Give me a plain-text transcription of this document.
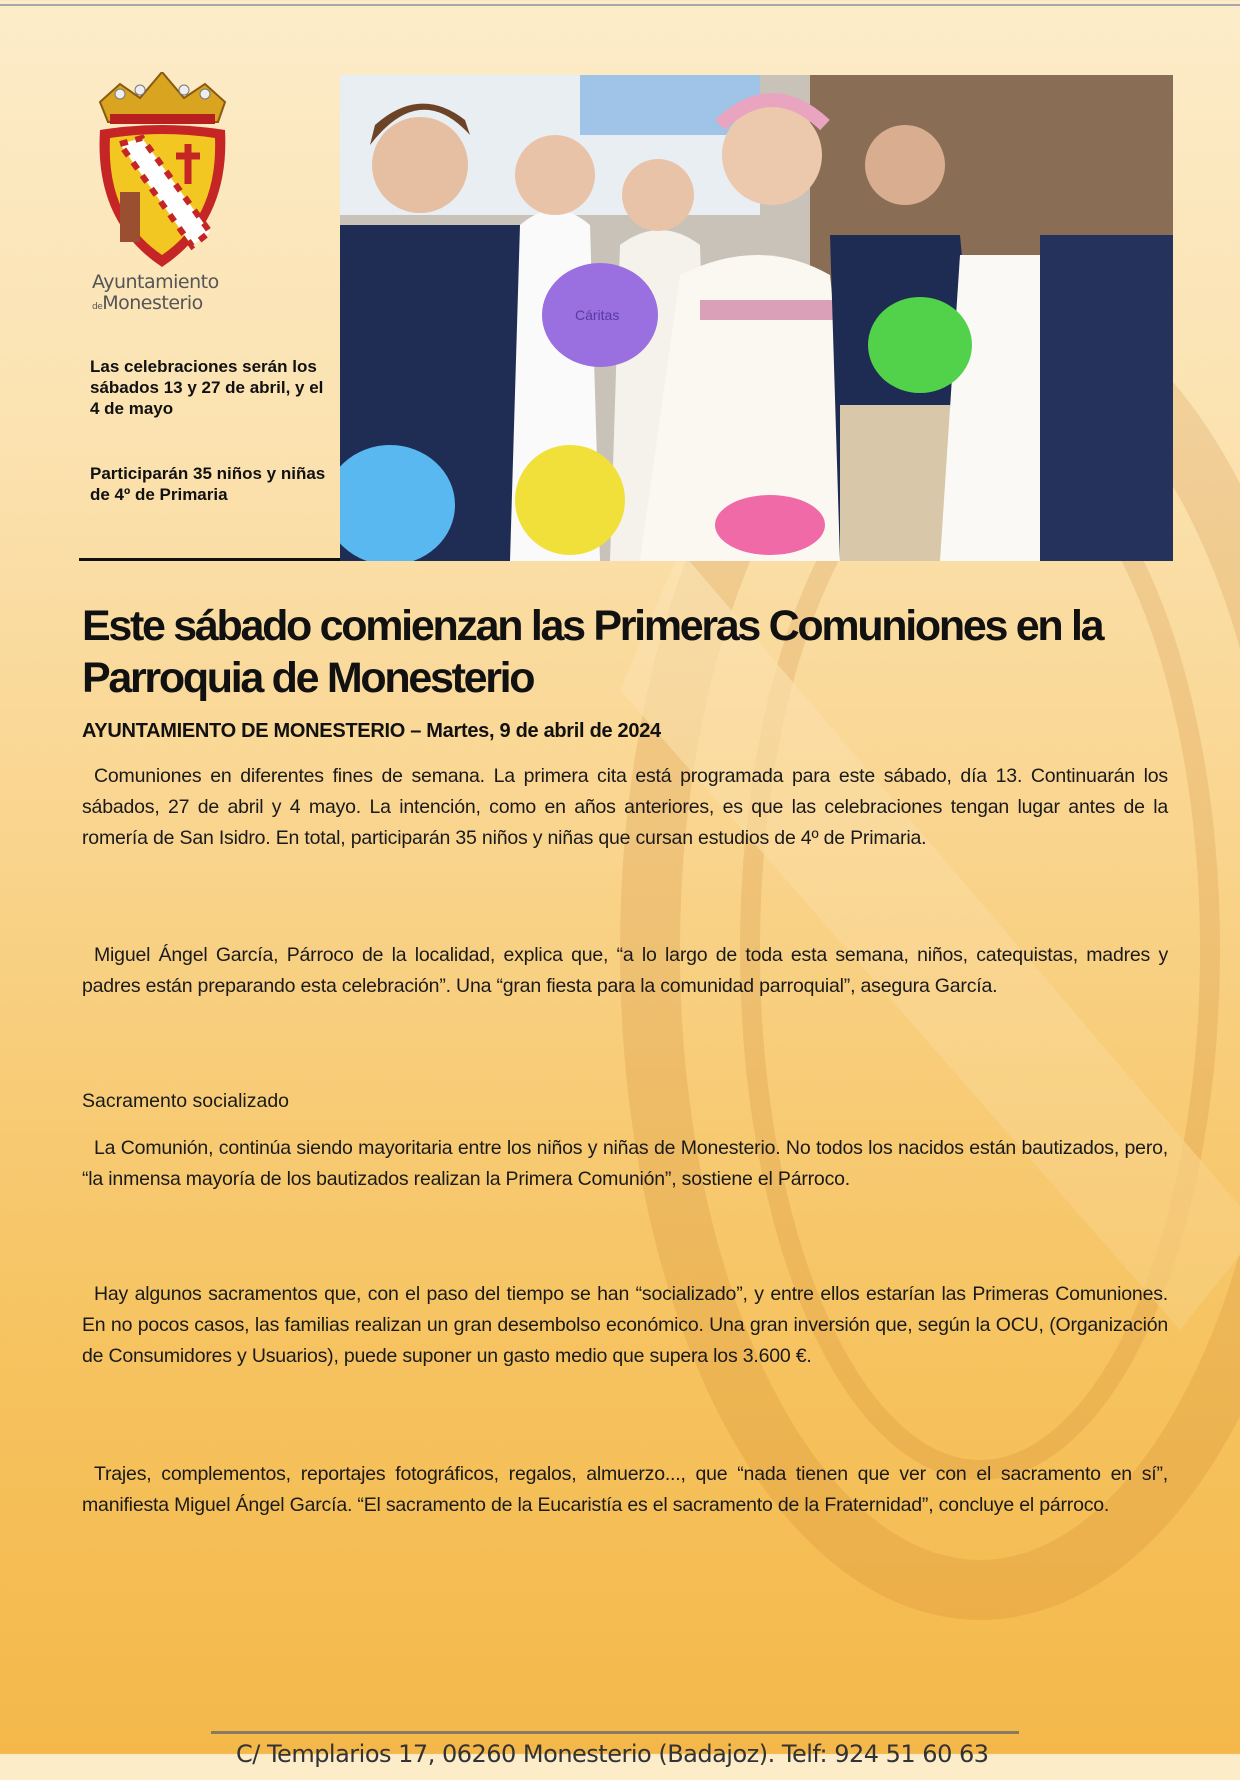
Ayuntamiento
deMonesterio
Las celebraciones serán los sábados 13 y 27 de abril, y el 4 de mayo
Participarán 35 niños y niñas de 4º de Primaria
Cáritas
Este sábado comienzan las Primeras Comuniones en la Parroquia de Monesterio
AYUNTAMIENTO DE MONESTERIO – Martes, 9 de abril de 2024

Comuniones en diferentes fines de semana. La primera cita está programada para este sábado, día 13. Continuarán los sábados, 27 de abril y 4 mayo. La intención, como en años anteriores, es que las celebraciones tengan lugar antes de la romería de San Isidro. En total, participarán 35 niños y niñas que cursan estudios de 4º de Primaria.

Miguel Ángel García, Párroco de la localidad, explica que, “a lo largo de toda esta semana, niños, catequistas, madres y padres están preparando esta celebración”. Una “gran fiesta para la comunidad parroquial”, asegura García.

Sacramento socializado

La Comunión, continúa siendo mayoritaria entre los niños y niñas de Monesterio. No todos los nacidos están bautizados, pero, “la inmensa mayoría de los bautizados realizan la Primera Comunión”, sostiene el Párroco.

Hay algunos sacramentos que, con el paso del tiempo se han “socializado”, y entre ellos estarían las Primeras Comuniones. En no pocos casos, las familias realizan un gran desembolso económico. Una gran inversión que, según la OCU, (Organización de Consumidores y Usuarios), puede suponer un gasto medio que supera los 3.600 €.

Trajes, complementos, reportajes fotográficos, regalos, almuerzo..., que “nada tienen que ver con el sacramento en sí”, manifiesta Miguel Ángel García. “El sacramento de la Eucaristía es el sacramento de la Fraternidad”, concluye el párroco.

C/ Templarios 17, 06260 Monesterio (Badajoz). Telf: 924 51 60 63
